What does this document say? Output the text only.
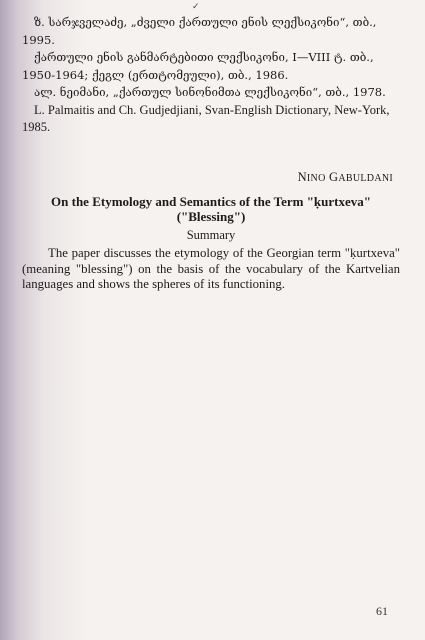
✓

ზ. სარჯველაძე, „ძველი ქართული ენის ლექსიკონი“, თბ., 1995.

ქართული ენის განმარტებითი ლექსიკონი, I—VIII ტ. თბ., 1950-1964; ქეგლ (ერთტომეული), თბ., 1986.

ალ. ნეიმანი, „ქართულ სინონიმთა ლექსიკონი“, თბ., 1978.

L. Palmaitis and Ch. Gudjedjiani, Svan-English Dictionary, New-York, 1985.

NINO GABULDANI
On the Etymology and Semantics of the Term "ḳurtxeva"
("Blessing")
Summary

The paper discusses the etymology of the Georgian term "ḳurtxeva" (meaning "blessing") on the basis of the vocabulary of the Kartvelian languages and shows the spheres of its functioning.

61
